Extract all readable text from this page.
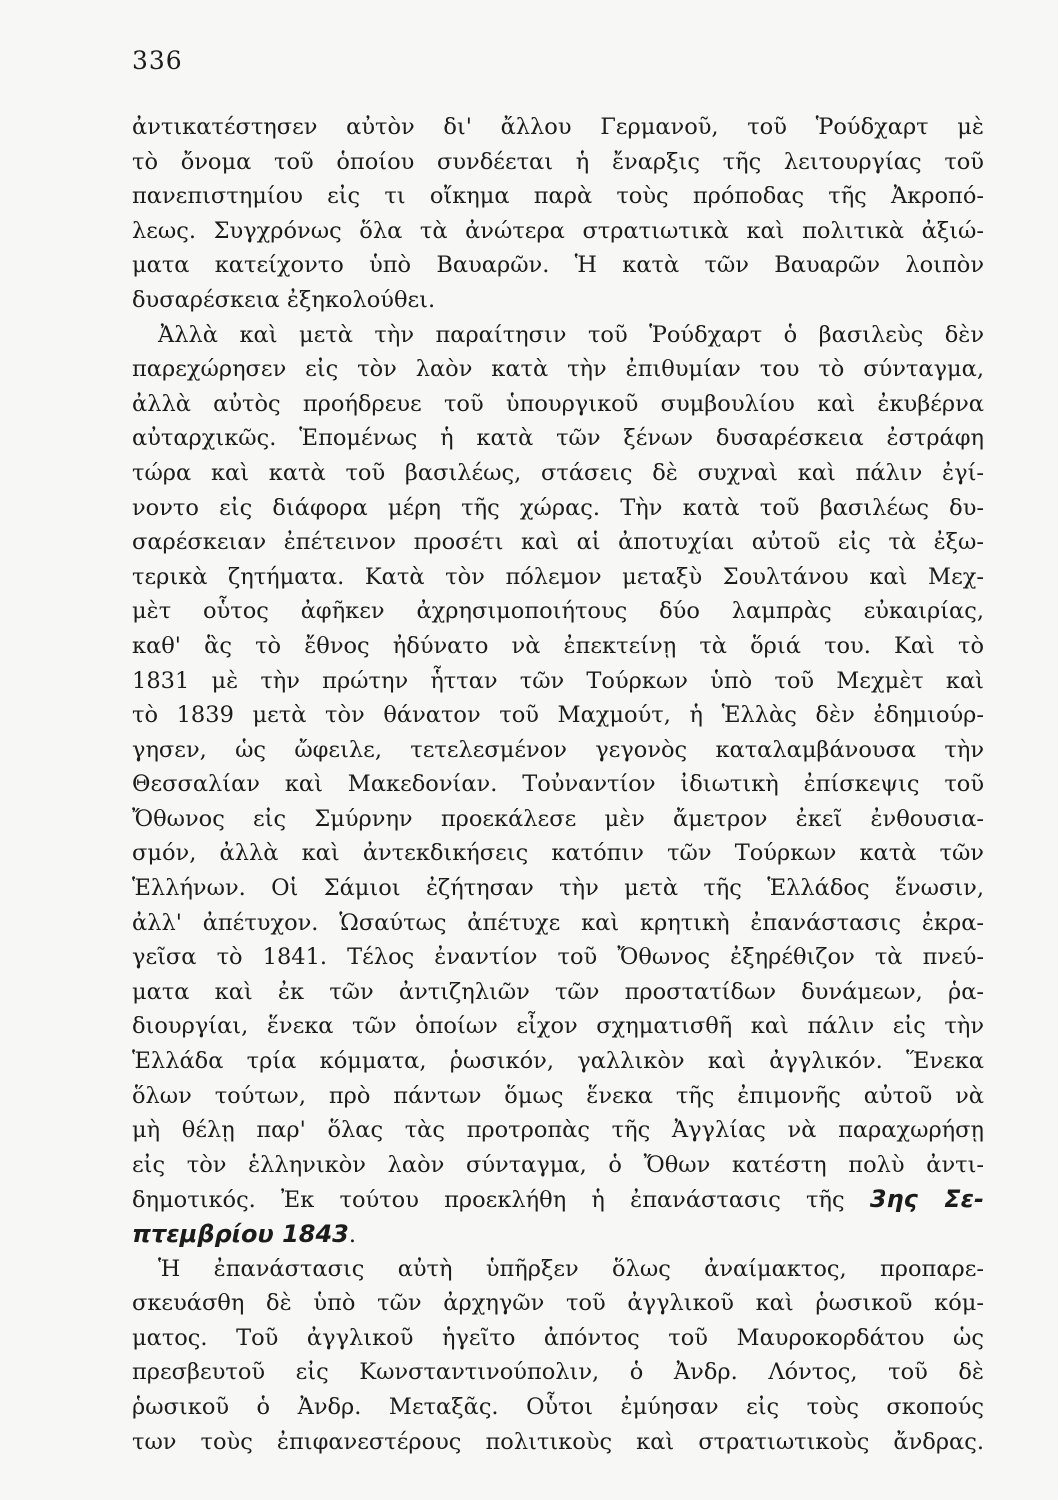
336
ἀντικατέστησεν αὐτὸν δι' ἄλλου Γερμανοῦ, τοῦ Ῥούδχαρτ μὲ
τὸ ὄνομα τοῦ ὁποίου συνδέεται ἡ ἔναρξις τῆς λειτουργίας τοῦ
πανεπιστημίου εἰς τι οἴκημα παρὰ τοὺς πρόποδας τῆς Ἀκροπό-
λεως. Συγχρόνως ὅλα τὰ ἀνώτερα στρατιωτικὰ καὶ πολιτικὰ ἀξιώ-
ματα κατείχοντο ὑπὸ Βαυαρῶν. Ἡ κατὰ τῶν Βαυαρῶν λοιπὸν
δυσαρέσκεια ἐξηκολούθει.
Ἀλλὰ καὶ μετὰ τὴν παραίτησιν τοῦ Ῥούδχαρτ ὁ βασιλεὺς δὲν
παρεχώρησεν εἰς τὸν λαὸν κατὰ τὴν ἐπιθυμίαν του τὸ σύνταγμα,
ἀλλὰ αὐτὸς προήδρευε τοῦ ὑπουργικοῦ συμβουλίου καὶ ἐκυβέρνα
αὐταρχικῶς. Ἑπομένως ἡ κατὰ τῶν ξένων δυσαρέσκεια ἐστράφη
τώρα καὶ κατὰ τοῦ βασιλέως, στάσεις δὲ συχναὶ καὶ πάλιν ἐγί-
νοντο εἰς διάφορα μέρη τῆς χώρας. Τὴν κατὰ τοῦ βασιλέως δυ-
σαρέσκειαν ἐπέτεινον προσέτι καὶ αἱ ἀποτυχίαι αὐτοῦ εἰς τὰ ἐξω-
τερικὰ ζητήματα. Κατὰ τὸν πόλεμον μεταξὺ Σουλτάνου καὶ Μεχ-
μὲτ οὗτος ἀφῆκεν ἀχρησιμοποιήτους δύο λαμπρὰς εὐκαιρίας,
καθ' ἃς τὸ ἔθνος ἠδύνατο νὰ ἐπεκτείνῃ τὰ ὅριά του. Καὶ τὸ
1831 μὲ τὴν πρώτην ἧτταν τῶν Τούρκων ὑπὸ τοῦ Μεχμὲτ καὶ
τὸ 1839 μετὰ τὸν θάνατον τοῦ Μαχμούτ, ἡ Ἑλλὰς δὲν ἐδημιούρ-
γησεν, ὡς ὤφειλε, τετελεσμένον γεγονὸς καταλαμβάνουσα τὴν
Θεσσαλίαν καὶ Μακεδονίαν. Τοὐναντίον ἰδιωτικὴ ἐπίσκεψις τοῦ
Ὄθωνος εἰς Σμύρνην προεκάλεσε μὲν ἄμετρον ἐκεῖ ἐνθουσια-
σμόν, ἀλλὰ καὶ ἀντεκδικήσεις κατόπιν τῶν Τούρκων κατὰ τῶν
Ἑλλήνων. Οἱ Σάμιοι ἐζήτησαν τὴν μετὰ τῆς Ἑλλάδος ἕνωσιν,
ἀλλ' ἀπέτυχον. Ὡσαύτως ἀπέτυχε καὶ κρητικὴ ἐπανάστασις ἐκρα-
γεῖσα τὸ 1841. Τέλος ἐναντίον τοῦ Ὄθωνος ἐξηρέθιζον τὰ πνεύ-
ματα καὶ ἐκ τῶν ἀντιζηλιῶν τῶν προστατίδων δυνάμεων, ῥα-
διουργίαι, ἕνεκα τῶν ὁποίων εἶχον σχηματισθῆ καὶ πάλιν εἰς τὴν
Ἑλλάδα τρία κόμματα, ῥωσικόν, γαλλικὸν καὶ ἀγγλικόν. Ἕνεκα
ὅλων τούτων, πρὸ πάντων ὅμως ἕνεκα τῆς ἐπιμονῆς αὐτοῦ νὰ
μὴ θέλῃ παρ' ὅλας τὰς προτροπὰς τῆς Ἀγγλίας νὰ παραχωρήσῃ
εἰς τὸν ἑλληνικὸν λαὸν σύνταγμα, ὁ Ὄθων κατέστη πολὺ ἀντι-
δημοτικός. Ἐκ τούτου προεκλήθη ἡ ἐπανάστασις τῆς 3ης Σε-
πτεμβρίου 1843.
Ἡ ἐπανάστασις αὐτὴ ὑπῆρξεν ὅλως ἀναίμακτος, προπαρε-
σκευάσθη δὲ ὑπὸ τῶν ἀρχηγῶν τοῦ ἀγγλικοῦ καὶ ῥωσικοῦ κόμ-
ματος. Τοῦ ἀγγλικοῦ ἡγεῖτο ἀπόντος τοῦ Μαυροκορδάτου ὡς
πρεσβευτοῦ εἰς Κωνσταντινούπολιν, ὁ Ἀνδρ. Λόντος, τοῦ δὲ
ῥωσικοῦ ὁ Ἀνδρ. Μεταξᾶς. Οὗτοι ἐμύησαν εἰς τοὺς σκοπούς
των τοὺς ἐπιφανεστέρους πολιτικοὺς καὶ στρατιωτικοὺς ἄνδρας.
